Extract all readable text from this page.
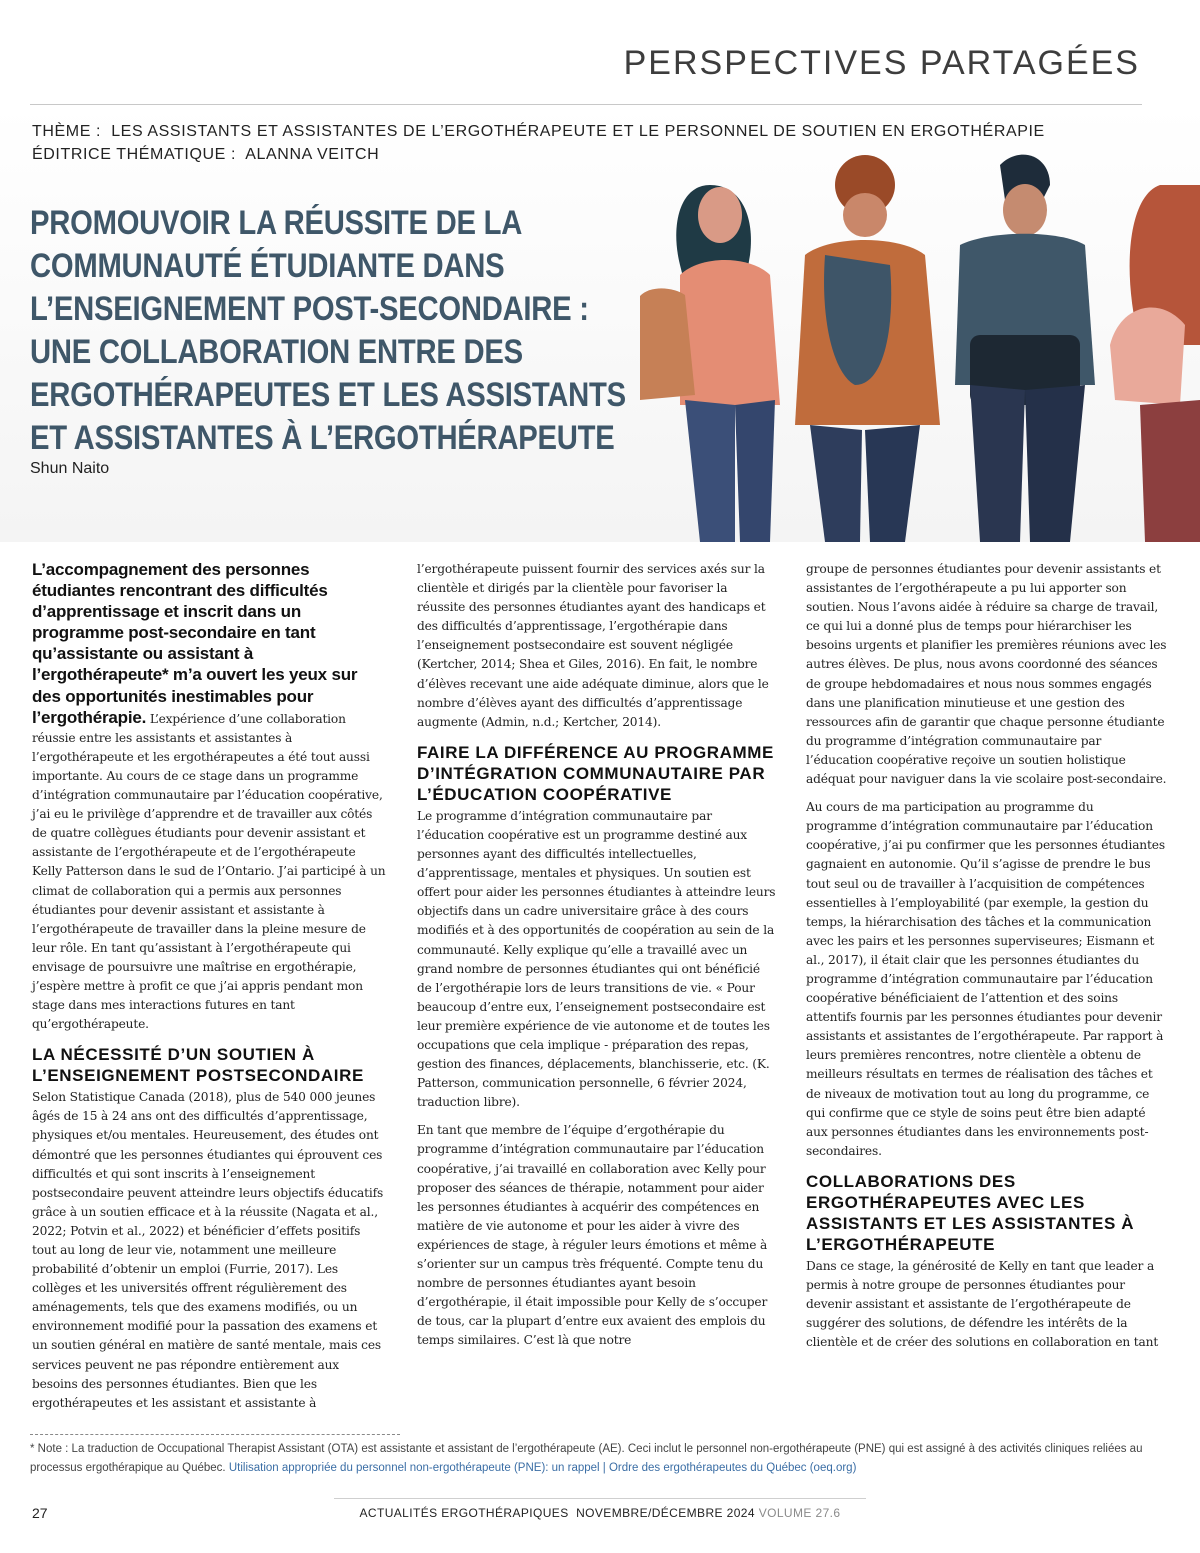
PERSPECTIVES PARTAGÉES
THÈME : LES ASSISTANTS ET ASSISTANTES DE L’ERGOTHÉRAPEUTE ET LE PERSONNEL DE SOUTIEN EN ERGOTHÉRAPIE
ÉDITRICE THÉMATIQUE : ALANNA VEITCH
PROMOUVOIR LA RÉUSSITE DE LA
COMMUNAUTÉ ÉTUDIANTE DANS
L’ENSEIGNEMENT POST-SECONDAIRE :
UNE COLLABORATION ENTRE DES
ERGOTHÉRAPEUTES ET LES ASSISTANTS
ET ASSISTANTES À L’ERGOTHÉRAPEUTE
Shun Naito

L’accompagnement des personnes étudiantes rencontrant des difficultés d’apprentissage et inscrit dans un programme post-secondaire en tant qu’assistante ou assistant à l’ergothérapeute* m’a ouvert les yeux sur des opportunités inestimables pour l’ergothérapie. L’expérience d’une collaboration réussie entre les assistants et assistantes à l’ergothérapeute et les ergothérapeutes a été tout aussi importante. Au cours de ce stage dans un programme d’intégration communautaire par l’éducation coopérative, j’ai eu le privilège d’apprendre et de travailler aux côtés de quatre collègues étudiants pour devenir assistant et assistante de l’ergothérapeute et de l’ergothérapeute Kelly Patterson dans le sud de l’Ontario. J’ai participé à un climat de collaboration qui a permis aux personnes étudiantes pour devenir assistant et assistante à l’ergothérapeute de travailler dans la pleine mesure de leur rôle. En tant qu’assistant à l’ergothérapeute qui envisage de poursuivre une maîtrise en ergothérapie, j’espère mettre à profit ce que j’ai appris pendant mon stage dans mes interactions futures en tant qu’ergothérapeute.

LA NÉCESSITÉ D’UN SOUTIEN À L’ENSEIGNEMENT POSTSECONDAIRE

Selon Statistique Canada (2018), plus de 540 000 jeunes âgés de 15 à 24 ans ont des difficultés d’apprentissage, physiques et/ou mentales. Heureusement, des études ont démontré que les personnes étudiantes qui éprouvent ces difficultés et qui sont inscrits à l’enseignement postsecondaire peuvent atteindre leurs objectifs éducatifs grâce à un soutien efficace et à la réussite (Nagata et al., 2022; Potvin et al., 2022) et bénéficier d’effets positifs tout au long de leur vie, notamment une meilleure probabilité d’obtenir un emploi (Furrie, 2017). Les collèges et les universités offrent régulièrement des aménagements, tels que des examens modifiés, ou un environnement modifié pour la passation des examens et un soutien général en matière de santé mentale, mais ces services peuvent ne pas répondre entièrement aux besoins des personnes étudiantes. Bien que les ergothérapeutes et les assistant et assistante à

l’ergothérapeute puissent fournir des services axés sur la clientèle et dirigés par la clientèle pour favoriser la réussite des personnes étudiantes ayant des handicaps et des difficultés d’apprentissage, l’ergothérapie dans l’enseignement postsecondaire est souvent négligée (Kertcher, 2014; Shea et Giles, 2016). En fait, le nombre d’élèves recevant une aide adéquate diminue, alors que le nombre d’élèves ayant des difficultés d’apprentissage augmente (Admin, n.d.; Kertcher, 2014).

FAIRE LA DIFFÉRENCE AU PROGRAMME D’INTÉGRATION COMMUNAUTAIRE PAR L’ÉDUCATION COOPÉRATIVE

Le programme d’intégration communautaire par l’éducation coopérative est un programme destiné aux personnes ayant des difficultés intellectuelles, d’apprentissage, mentales et physiques. Un soutien est offert pour aider les personnes étudiantes à atteindre leurs objectifs dans un cadre universitaire grâce à des cours modifiés et à des opportunités de coopération au sein de la communauté. Kelly explique qu’elle a travaillé avec un grand nombre de personnes étudiantes qui ont bénéficié de l’ergothérapie lors de leurs transitions de vie. « Pour beaucoup d’entre eux, l’enseignement postsecondaire est leur première expérience de vie autonome et de toutes les occupations que cela implique - préparation des repas, gestion des finances, déplacements, blanchisserie, etc. (K. Patterson, communication personnelle, 6 février 2024, traduction libre).

En tant que membre de l’équipe d’ergothérapie du programme d’intégration communautaire par l’éducation coopérative, j’ai travaillé en collaboration avec Kelly pour proposer des séances de thérapie, notamment pour aider les personnes étudiantes à acquérir des compétences en matière de vie autonome et pour les aider à vivre des expériences de stage, à réguler leurs émotions et même à s’orienter sur un campus très fréquenté. Compte tenu du nombre de personnes étudiantes ayant besoin d’ergothérapie, il était impossible pour Kelly de s’occuper de tous, car la plupart d’entre eux avaient des emplois du temps similaires. C’est là que notre

groupe de personnes étudiantes pour devenir assistants et assistantes de l’ergothérapeute a pu lui apporter son soutien. Nous l’avons aidée à réduire sa charge de travail, ce qui lui a donné plus de temps pour hiérarchiser les besoins urgents et planifier les premières réunions avec les autres élèves. De plus, nous avons coordonné des séances de groupe hebdomadaires et nous nous sommes engagés dans une planification minutieuse et une gestion des ressources afin de garantir que chaque personne étudiante du programme d’intégration communautaire par l’éducation coopérative reçoive un soutien holistique adéquat pour naviguer dans la vie scolaire post-secondaire.

Au cours de ma participation au programme du programme d’intégration communautaire par l’éducation coopérative, j’ai pu confirmer que les personnes étudiantes gagnaient en autonomie. Qu’il s’agisse de prendre le bus tout seul ou de travailler à l’acquisition de compétences essentielles à l’employabilité (par exemple, la gestion du temps, la hiérarchisation des tâches et la communication avec les pairs et les personnes superviseures; Eismann et al., 2017), il était clair que les personnes étudiantes du programme d’intégration communautaire par l’éducation coopérative bénéficiaient de l’attention et des soins attentifs fournis par les personnes étudiantes pour devenir assistants et assistantes de l’ergothérapeute. Par rapport à leurs premières rencontres, notre clientèle a obtenu de meilleurs résultats en termes de réalisation des tâches et de niveaux de motivation tout au long du programme, ce qui confirme que ce style de soins peut être bien adapté aux personnes étudiantes dans les environnements post-secondaires.

COLLABORATIONS DES ERGOTHÉRAPEUTES AVEC LES ASSISTANTS ET LES ASSISTANTES À L’ERGOTHÉRAPEUTE

Dans ce stage, la générosité de Kelly en tant que leader a permis à notre groupe de personnes étudiantes pour devenir assistant et assistante de l’ergothérapeute de suggérer des solutions, de défendre les intérêts de la clientèle et de créer des solutions en collaboration en tant

* Note : La traduction de Occupational Therapist Assistant (OTA) est assistante et assistant de l’ergothérapeute (AE). Ceci inclut le personnel non-ergothérapeute (PNE) qui est assigné à des activités cliniques reliées au processus ergothérapique au Québec. Utilisation appropriée du personnel non-ergothérapeute (PNE): un rappel | Ordre des ergothérapeutes du Québec (oeq.org)
27	ACTUALITÉS ERGOTHÉRAPIQUES NOVEMBRE/DÉCEMBRE 2024 VOLUME 27.6
